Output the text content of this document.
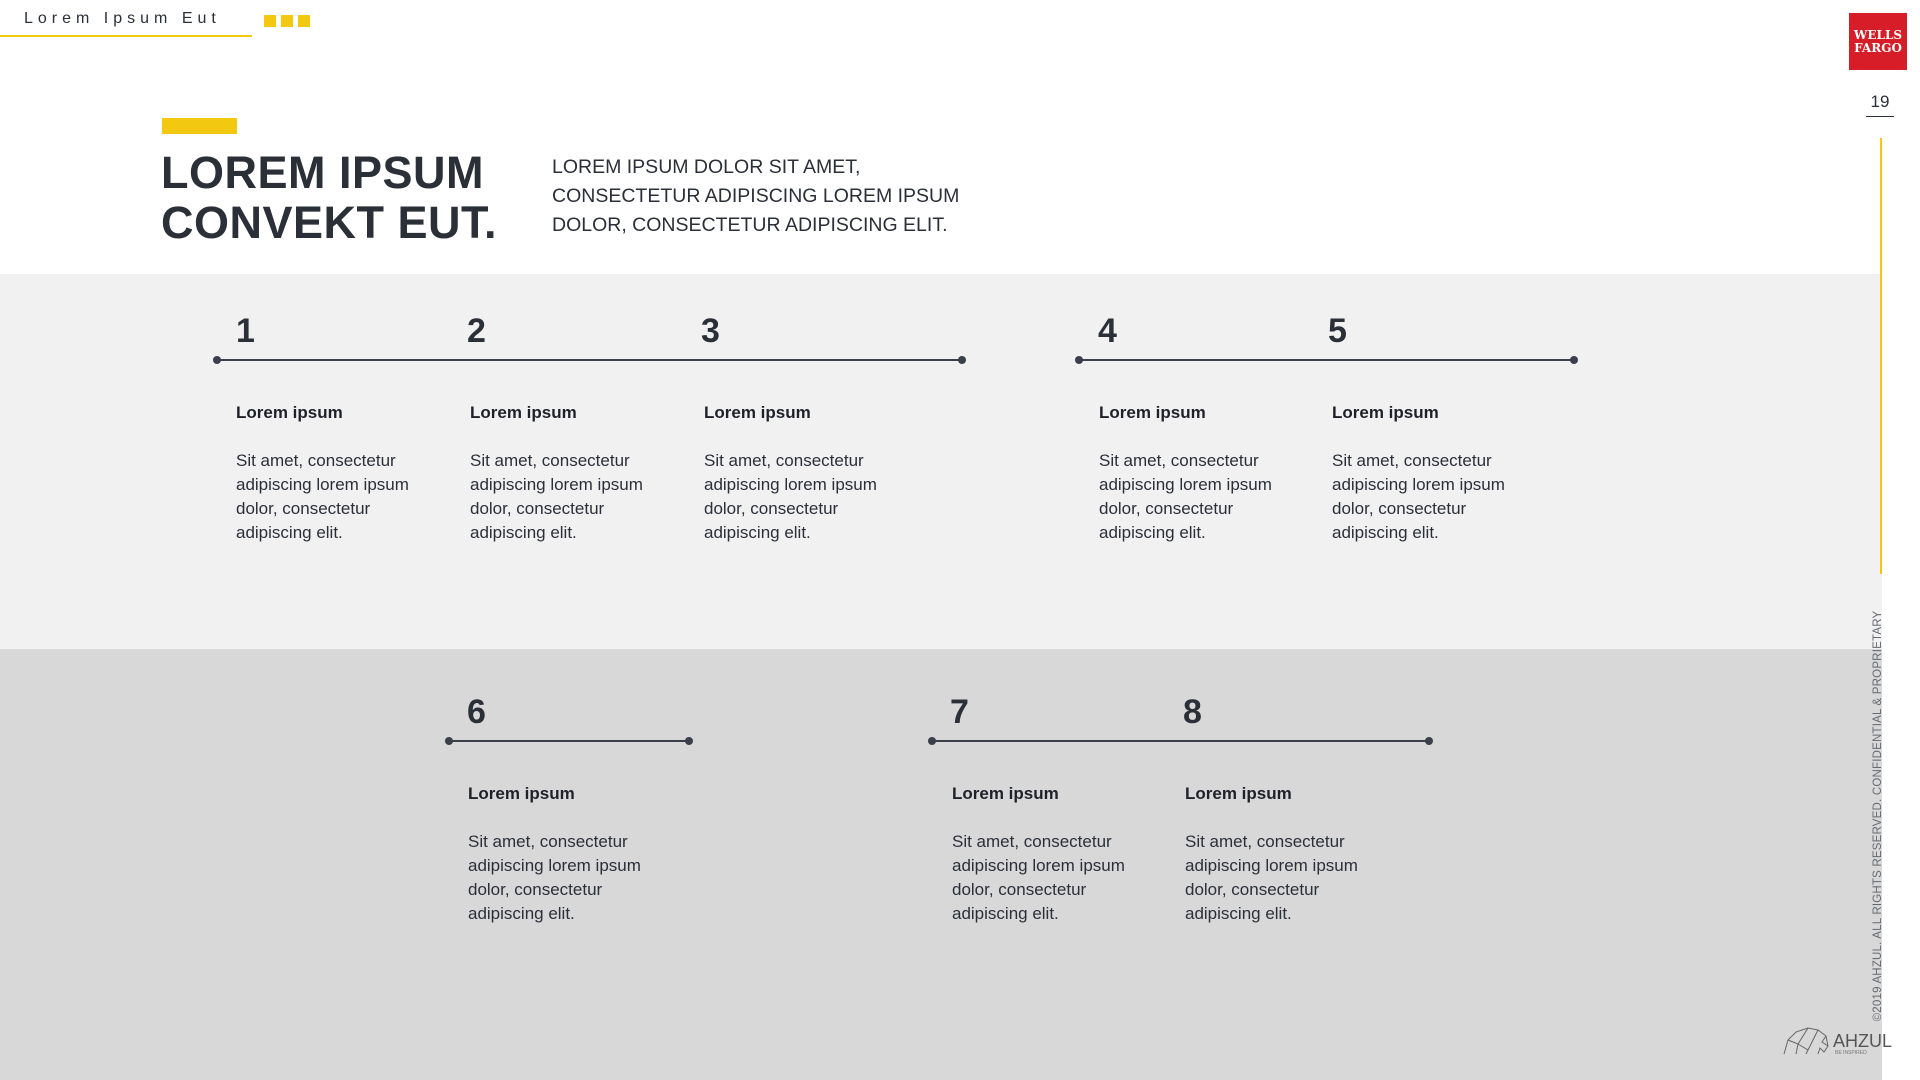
Lorem Ipsum Eut
WELLS
FARGO
19
©2019 AHZUL. ALL RIGHTS RESERVED. CONFIDENTIAL & PROPRIETARY
LOREM IPSUM
CONVEKT EUT.

LOREM IPSUM DOLOR SIT AMET, CONSECTETUR ADIPISCING LOREM IPSUM DOLOR, CONSECTETUR ADIPISCING ELIT.

1
Lorem ipsum
Sit amet, consectetur adipiscing lorem ipsum dolor, consectetur adipiscing elit.
2
Lorem ipsum
Sit amet, consectetur adipiscing lorem ipsum dolor, consectetur adipiscing elit.
3
Lorem ipsum
Sit amet, consectetur adipiscing lorem ipsum dolor, consectetur adipiscing elit.
4
Lorem ipsum
Sit amet, consectetur adipiscing lorem ipsum dolor, consectetur adipiscing elit.
5
Lorem ipsum
Sit amet, consectetur adipiscing lorem ipsum dolor, consectetur adipiscing elit.
6
Lorem ipsum
Sit amet, consectetur adipiscing lorem ipsum dolor, consectetur adipiscing elit.
7
Lorem ipsum
Sit amet, consectetur adipiscing lorem ipsum dolor, consectetur adipiscing elit.
8
Lorem ipsum
Sit amet, consectetur adipiscing lorem ipsum dolor, consectetur adipiscing elit.
AHZUL
BE INSPIRED
